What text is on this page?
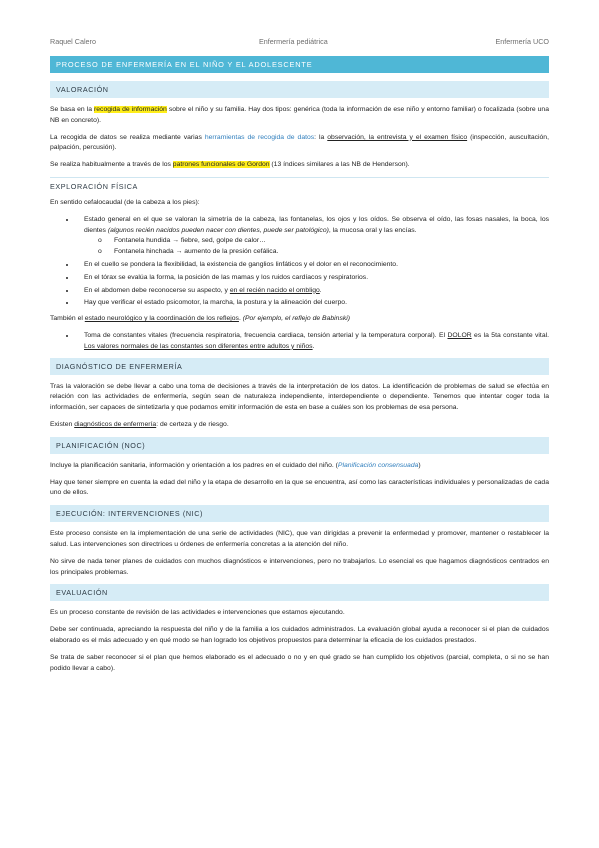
Raquel Calero	Enfermería pediátrica	Enfermería UCO
PROCESO DE ENFERMERÍA EN EL NIÑO Y EL ADOLESCENTE
VALORACIÓN

Se basa en la recogida de información sobre el niño y su familia. Hay dos tipos: genérica (toda la información de ese niño y entorno familiar) o focalizada (sobre una NB en concreto).

La recogida de datos se realiza mediante varias herramientas de recogida de datos: la observación, la entrevista y el examen físico (inspección, auscultación, palpación, percusión).

Se realiza habitualmente a través de los patrones funcionales de Gordon (13 índices similares a las NB de Henderson).

EXPLORACIÓN FÍSICA

En sentido cefalocaudal (de la cabeza a los pies):

• Estado general en el que se valoran la simetría de la cabeza, las fontanelas, los ojos y los oídos. Se observa el oído, las fosas nasales, la boca, los dientes (algunos recién nacidos pueden nacer con dientes, puede ser patológico), la mucosa oral y las encías.
o Fontanela hundida → fiebre, sed, golpe de calor…
o Fontanela hinchada → aumento de la presión cefálica.
• En el cuello se pondera la flexibilidad, la existencia de ganglios linfáticos y el dolor en el reconocimiento.
• En el tórax se evalúa la forma, la posición de las mamas y los ruidos cardíacos y respiratorios.
• En el abdomen debe reconocerse su aspecto, y en el recién nacido el ombligo.
• Hay que verificar el estado psicomotor, la marcha, la postura y la alineación del cuerpo.

También el estado neurológico y la coordinación de los reflejos. (Por ejemplo, el reflejo de Babinski)

• Toma de constantes vitales (frecuencia respiratoria, frecuencia cardiaca, tensión arterial y la temperatura corporal). El DOLOR es la 5ta constante vital. Los valores normales de las constantes son diferentes entre adultos y niños.
DIAGNÓSTICO DE ENFERMERÍA

Tras la valoración se debe llevar a cabo una toma de decisiones a través de la interpretación de los datos. La identificación de problemas de salud se efectúa en relación con las actividades de enfermería, según sean de naturaleza independiente, interdependiente o dependiente. Tenemos que intentar coger toda la información, ser capaces de sintetizarla y que podamos emitir información de esta en base a cuáles son los problemas de esa persona.

Existen diagnósticos de enfermería: de certeza y de riesgo.

PLANIFICACIÓN (NOC)

Incluye la planificación sanitaria, información y orientación a los padres en el cuidado del niño. (Planificación consensuada)

Hay que tener siempre en cuenta la edad del niño y la etapa de desarrollo en la que se encuentra, así como las características individuales y personalizadas de cada uno de ellos.

EJECUCIÓN: INTERVENCIONES (NIC)

Este proceso consiste en la implementación de una serie de actividades (NIC), que van dirigidas a prevenir la enfermedad y promover, mantener o restablecer la salud. Las intervenciones son directrices u órdenes de enfermería concretas a la atención del niño.

No sirve de nada tener planes de cuidados con muchos diagnósticos e intervenciones, pero no trabajarlos. Lo esencial es que hagamos diagnósticos centrados en los principales problemas.

EVALUACIÓN

Es un proceso constante de revisión de las actividades e intervenciones que estamos ejecutando.

Debe ser continuada, apreciando la respuesta del niño y de la familia a los cuidados administrados. La evaluación global ayuda a reconocer si el plan de cuidados elaborado es el más adecuado y en qué modo se han logrado los objetivos propuestos para determinar la eficacia de los cuidados prestados.

Se trata de saber reconocer si el plan que hemos elaborado es el adecuado o no y en qué grado se han cumplido los objetivos (parcial, completa, o si no se han podido llevar a cabo).
